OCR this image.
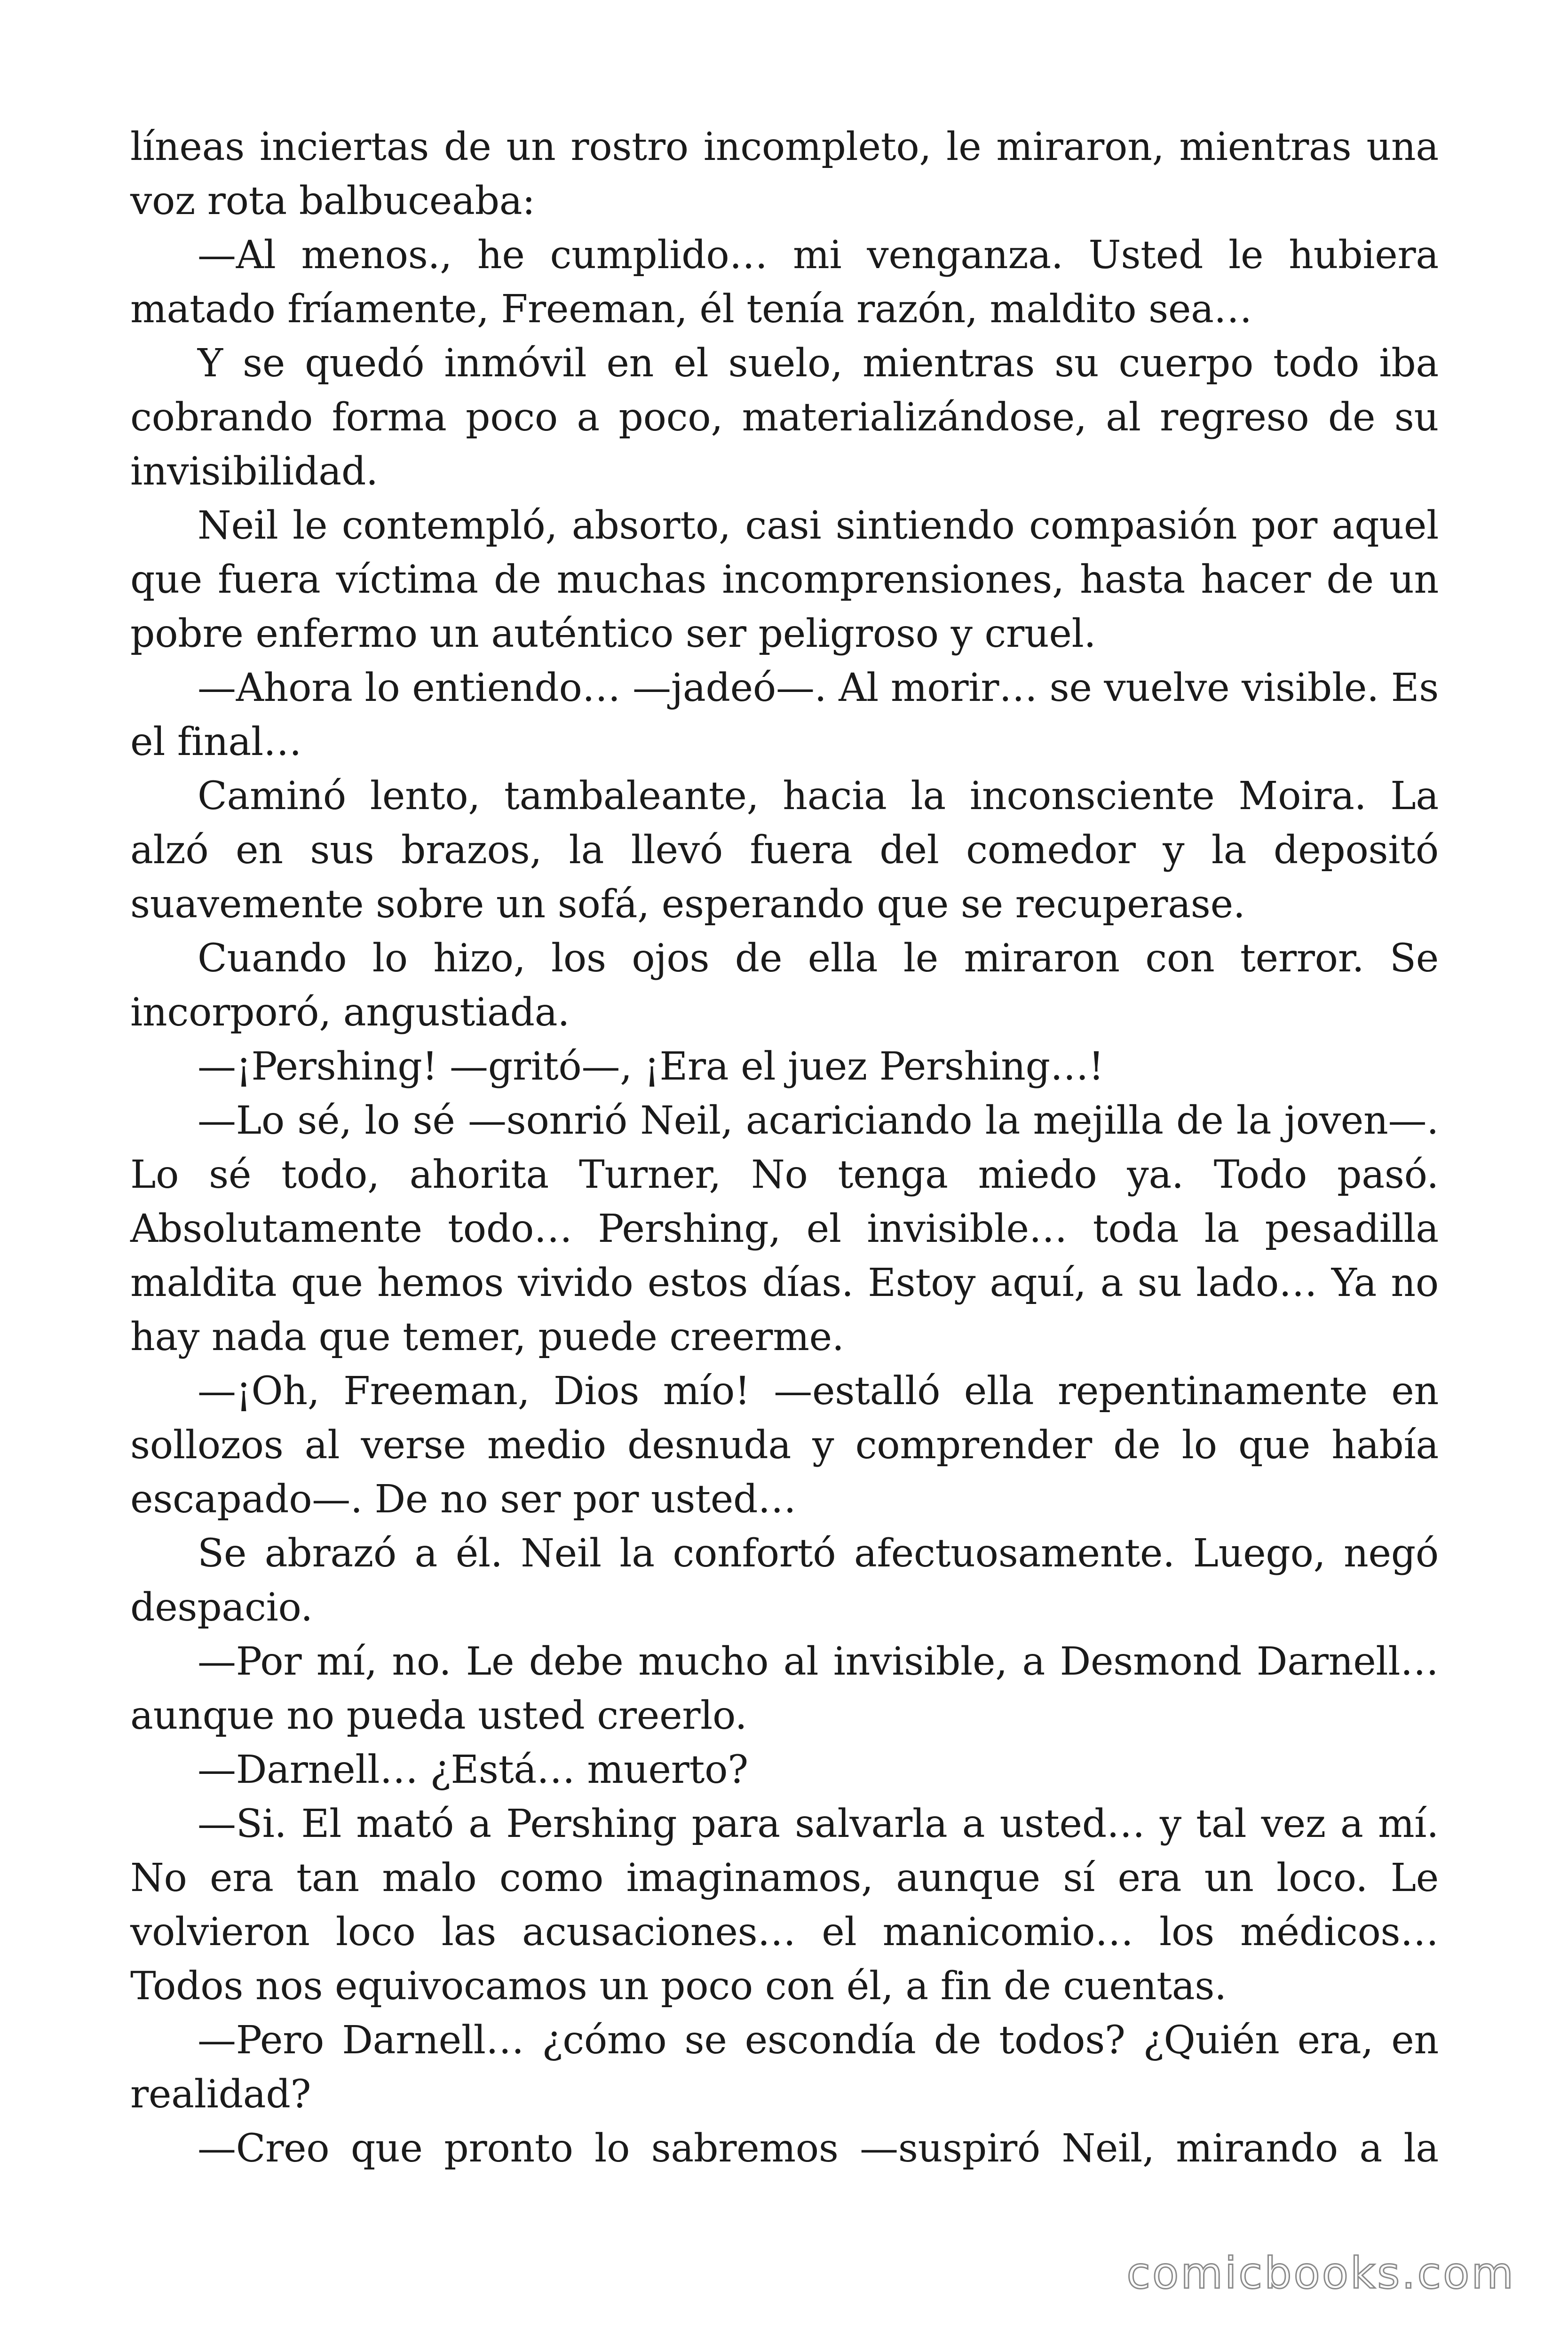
líneas inciertas de un rostro incompleto, le miraron, mientras una voz rota balbuceaba:

—Al menos., he cumplido… mi venganza. Usted le hubiera matado fríamente, Freeman, él tenía razón, maldito sea…

Y se quedó inmóvil en el suelo, mientras su cuerpo todo iba cobrando forma poco a poco, materializándose, al regreso de su invisibilidad.

Neil le contempló, absorto, casi sintiendo compasión por aquel que fuera víctima de muchas incomprensiones, hasta hacer de un pobre enfermo un auténtico ser peligroso y cruel.

—Ahora lo entiendo… —jadeó—. Al morir… se vuelve visible. Es el final…

Caminó lento, tambaleante, hacia la inconsciente Moira. La alzó en sus brazos, la llevó fuera del comedor y la depositó suavemente sobre un sofá, esperando que se recuperase.

Cuando lo hizo, los ojos de ella le miraron con terror. Se incorporó, angustiada.

—¡Pershing! —gritó—, ¡Era el juez Pershing…!

—Lo sé, lo sé —sonrió Neil, acariciando la mejilla de la joven—. Lo sé todo, ahorita Turner, No tenga miedo ya. Todo pasó. Absolutamente todo… Pershing, el invisible… toda la pesadilla maldita que hemos vivido estos días. Estoy aquí, a su lado… Ya no hay nada que temer, puede creerme.

—¡Oh, Freeman, Dios mío! —estalló ella repentinamente en sollozos al verse medio desnuda y comprender de lo que había escapado—. De no ser por usted…

Se abrazó a él. Neil la confortó afectuosamente. Luego, negó despacio.

—Por mí, no. Le debe mucho al invisible, a Desmond Darnell… aunque no pueda usted creerlo.

—Darnell… ¿Está… muerto?

—Si. El mató a Pershing para salvarla a usted… y tal vez a mí. No era tan malo como imaginamos, aunque sí era un loco. Le volvieron loco las acusaciones… el manicomio… los médicos… Todos nos equivocamos un poco con él, a fin de cuentas.

—Pero Darnell… ¿cómo se escondía de todos? ¿Quién era, en realidad?

—Creo que pronto lo sabremos —suspiró Neil, mirando a la

comicbooks.com
